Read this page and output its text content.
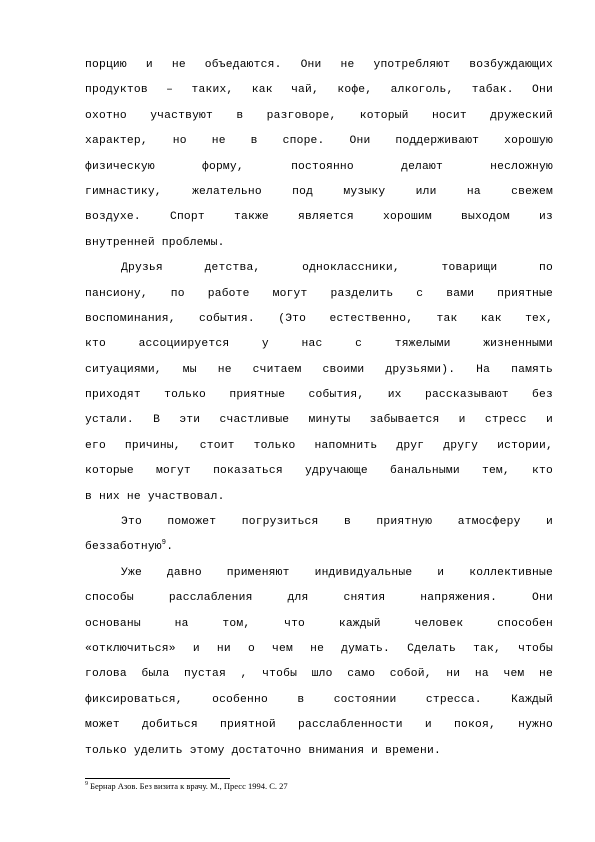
порцию и не объедаются. Они не употребляют возбуждающих
продуктов – таких, как чай, кофе, алкоголь, табак. Они
охотно участвуют в разговоре, который носит дружеский
характер, но не в споре. Они поддерживают хорошую
физическую форму, постоянно делают несложную
гимнастику, желательно под музыку или на свежем
воздухе. Спорт также является хорошим выходом из
внутренней проблемы.
Друзья детства, одноклассники, товарищи по
пансиону, по работе могут разделить с вами приятные
воспоминания, события. (Это естественно, так как тех,
кто ассоциируется у нас с тяжелыми жизненными
ситуациями, мы не считаем своими друзьями). На память
приходят только приятные события, их рассказывают без
устали. В эти счастливые минуты забывается и стресс и
его причины, стоит только напомнить друг другу истории,
которые могут показаться удручающе банальными тем, кто
в них не участвовал.
Это поможет погрузиться в приятную атмосферу и
беззаботную$^9$.
Уже давно применяют индивидуальные и коллективные
способы расслабления для снятия напряжения. Они
основаны на том, что каждый человек способен
«отключиться» и ни о чем не думать. Сделать так, чтобы
голова была пустая , чтобы шло само собой, ни на чем не
фиксироваться, особенно в состоянии стресса. Каждый
может добиться приятной расслабленности и покоя, нужно
только уделить этому достаточно внимания и времени.
$^9$ Бернар Азов. Без визита к врачу. М., Пресс 1994. С. 27
